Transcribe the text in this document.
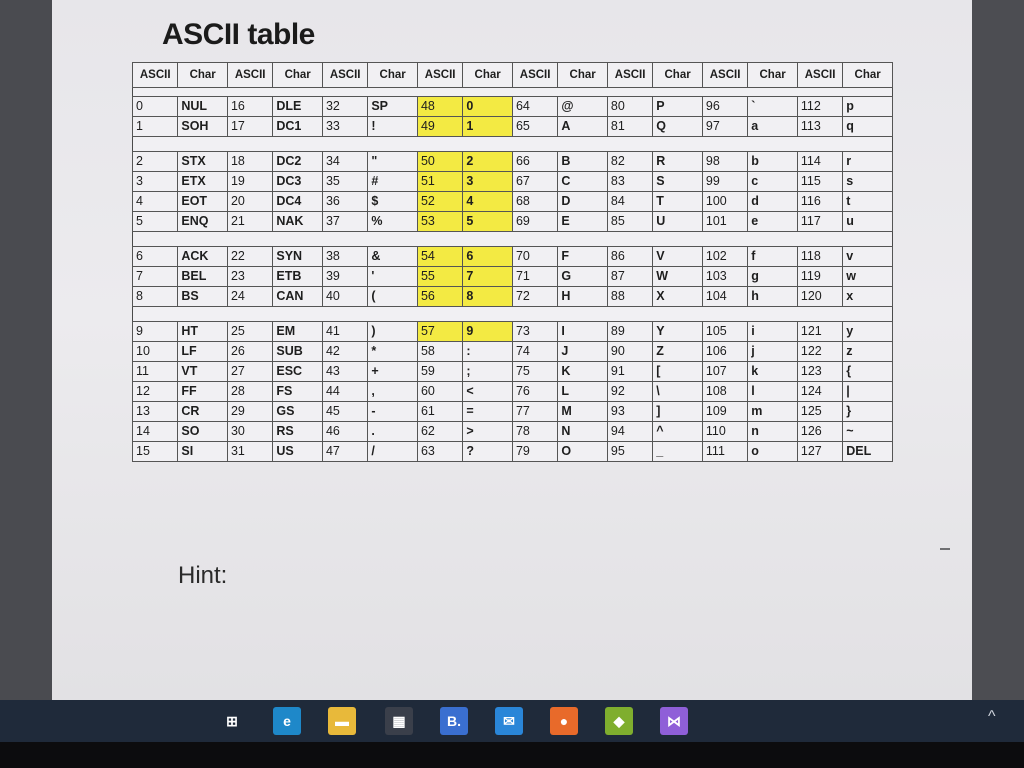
ASCII table
ASCII	Char	ASCII	Char	ASCII	Char	ASCII	Char	ASCII	Char	ASCII	Char	ASCII	Char	ASCII	Char

0	NUL	16	DLE	32	SP	48	0	64	@	80	P	96	`	112	p
1	SOH	17	DC1	33	!	49	1	65	A	81	Q	97	a	113	q

2	STX	18	DC2	34	"	50	2	66	B	82	R	98	b	114	r
3	ETX	19	DC3	35	#	51	3	67	C	83	S	99	c	115	s
4	EOT	20	DC4	36	$	52	4	68	D	84	T	100	d	116	t
5	ENQ	21	NAK	37	%	53	5	69	E	85	U	101	e	117	u

6	ACK	22	SYN	38	&	54	6	70	F	86	V	102	f	118	v
7	BEL	23	ETB	39	'	55	7	71	G	87	W	103	g	119	w
8	BS	24	CAN	40	(	56	8	72	H	88	X	104	h	120	x

9	HT	25	EM	41	)	57	9	73	I	89	Y	105	i	121	y
10	LF	26	SUB	42	*	58	:	74	J	90	Z	106	j	122	z
11	VT	27	ESC	43	+	59	;	75	K	91	[	107	k	123	{
12	FF	28	FS	44	,	60	<	76	L	92	\	108	l	124	|
13	CR	29	GS	45	-	61	=	77	M	93	]	109	m	125	}
14	SO	30	RS	46	.	62	>	78	N	94	^	110	n	126	~
15	SI	31	US	47	/	63	?	79	O	95	_	111	o	127	DEL
Hint:
^
⊞	e	▬	▦	B.	✉	●	◆	⋈
